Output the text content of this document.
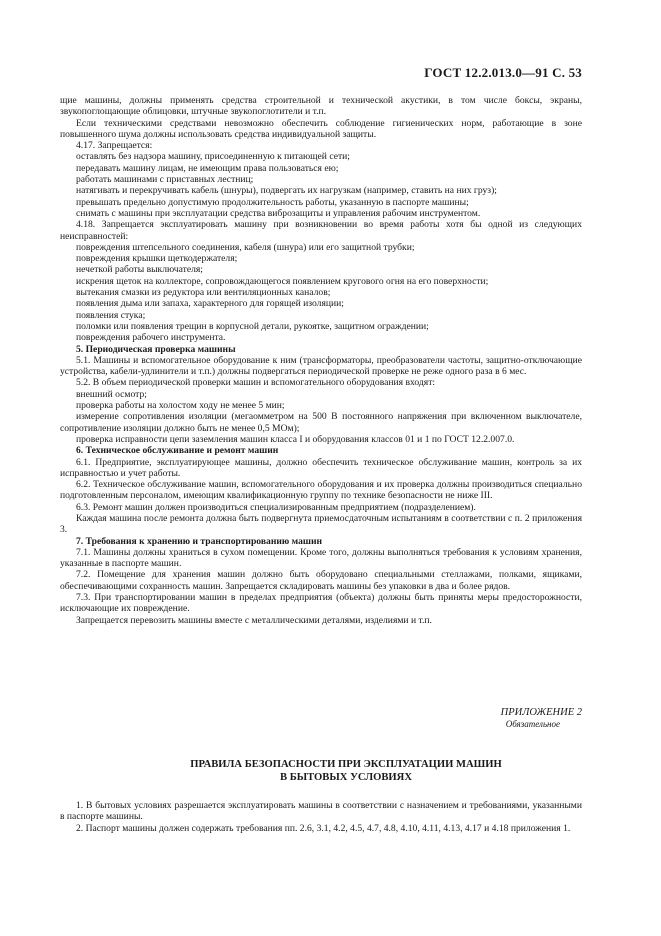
ГОСТ 12.2.013.0—91 С. 53

щие машины, должны применять средства строительной и технической акустики, в том числе боксы, экраны, звукопоглощающие облицовки, штучные звукопоглотители и т.п.

Если техническими средствами невозможно обеспечить соблюдение гигиенических норм, работающие в зоне повышенного шума должны использовать средства индивидуальной защиты.

4.17. Запрещается:

оставлять без надзора машину, присоединенную к питающей сети;

передавать машину лицам, не имеющим права пользоваться ею;

работать машинами с приставных лестниц;

натягивать и перекручивать кабель (шнуры), подвергать их нагрузкам (например, ставить на них груз);

превышать предельно допустимую продолжительность работы, указанную в паспорте машины;

снимать с машины при эксплуатации средства виброзащиты и управления рабочим инструментом.

4.18. Запрещается эксплуатировать машину при возникновении во время работы хотя бы одной из следующих неисправностей:

повреждения штепсельного соединения, кабеля (шнура) или его защитной трубки;

повреждения крышки щеткодержателя;

нечеткой работы выключателя;

искрения щеток на коллекторе, сопровождающегося появлением кругового огня на его поверхности;

вытекания смазки из редуктора или вентиляционных каналов;

появления дыма или запаха, характерного для горящей изоляции;

появления стука;

поломки или появления трещин в корпусной детали, рукоятке, защитном ограждении;

повреждения рабочего инструмента.

5. Периодическая проверка машины

5.1. Машины и вспомогательное оборудование к ним (трансформаторы, преобразователи частоты, защитно-отключающие устройства, кабели-удлинители и т.п.) должны подвергаться периодической проверке не реже одного раза в 6 мес.

5.2. В объем периодической проверки машин и вспомогательного оборудования входят:

внешний осмотр;

проверка работы на холостом ходу не менее 5 мин;

измерение сопротивления изоляции (мегаомметром на 500 В постоянного напряжения при включенном выключателе, сопротивление изоляции должно быть не менее 0,5 МОм);

проверка исправности цепи заземления машин класса I и оборудования классов 01 и 1 по ГОСТ 12.2.007.0.

6. Техническое обслуживание и ремонт машин

6.1. Предприятие, эксплуатирующее машины, должно обеспечить техническое обслуживание машин, контроль за их исправностью и учет работы.

6.2. Техническое обслуживание машин, вспомогательного оборудования и их проверка должны производиться специально подготовленным персоналом, имеющим квалификационную группу по технике безопасности не ниже III.

6.3. Ремонт машин должен производиться специализированным предприятием (подразделением).

Каждая машина после ремонта должна быть подвергнута приемосдаточным испытаниям в соответствии с п. 2 приложения 3.

7. Требования к хранению и транспортированию машин

7.1. Машины должны храниться в сухом помещении. Кроме того, должны выполняться требования к условиям хранения, указанные в паспорте машин.

7.2. Помещение для хранения машин должно быть оборудовано специальными стеллажами, полками, ящиками, обеспечивающими сохранность машин. Запрещается складировать машины без упаковки в два и более рядов.

7.3. При транспортировании машин в пределах предприятия (объекта) должны быть приняты меры предосторожности, исключающие их повреждение.

Запрещается перевозить машины вместе с металлическими деталями, изделиями и т.п.

ПРИЛОЖЕНИЕ 2
Обязательное
ПРАВИЛА БЕЗОПАСНОСТИ ПРИ ЭКСПЛУАТАЦИИ МАШИН
В БЫТОВЫХ УСЛОВИЯХ

1. В бытовых условиях разрешается эксплуатировать машины в соответствии с назначением и требованиями, указанными в паспорте машины.

2. Паспорт машины должен содержать требования пп. 2.6, 3.1, 4.2, 4.5, 4.7, 4.8, 4.10, 4.11, 4.13, 4.17 и 4.18 приложения 1.
